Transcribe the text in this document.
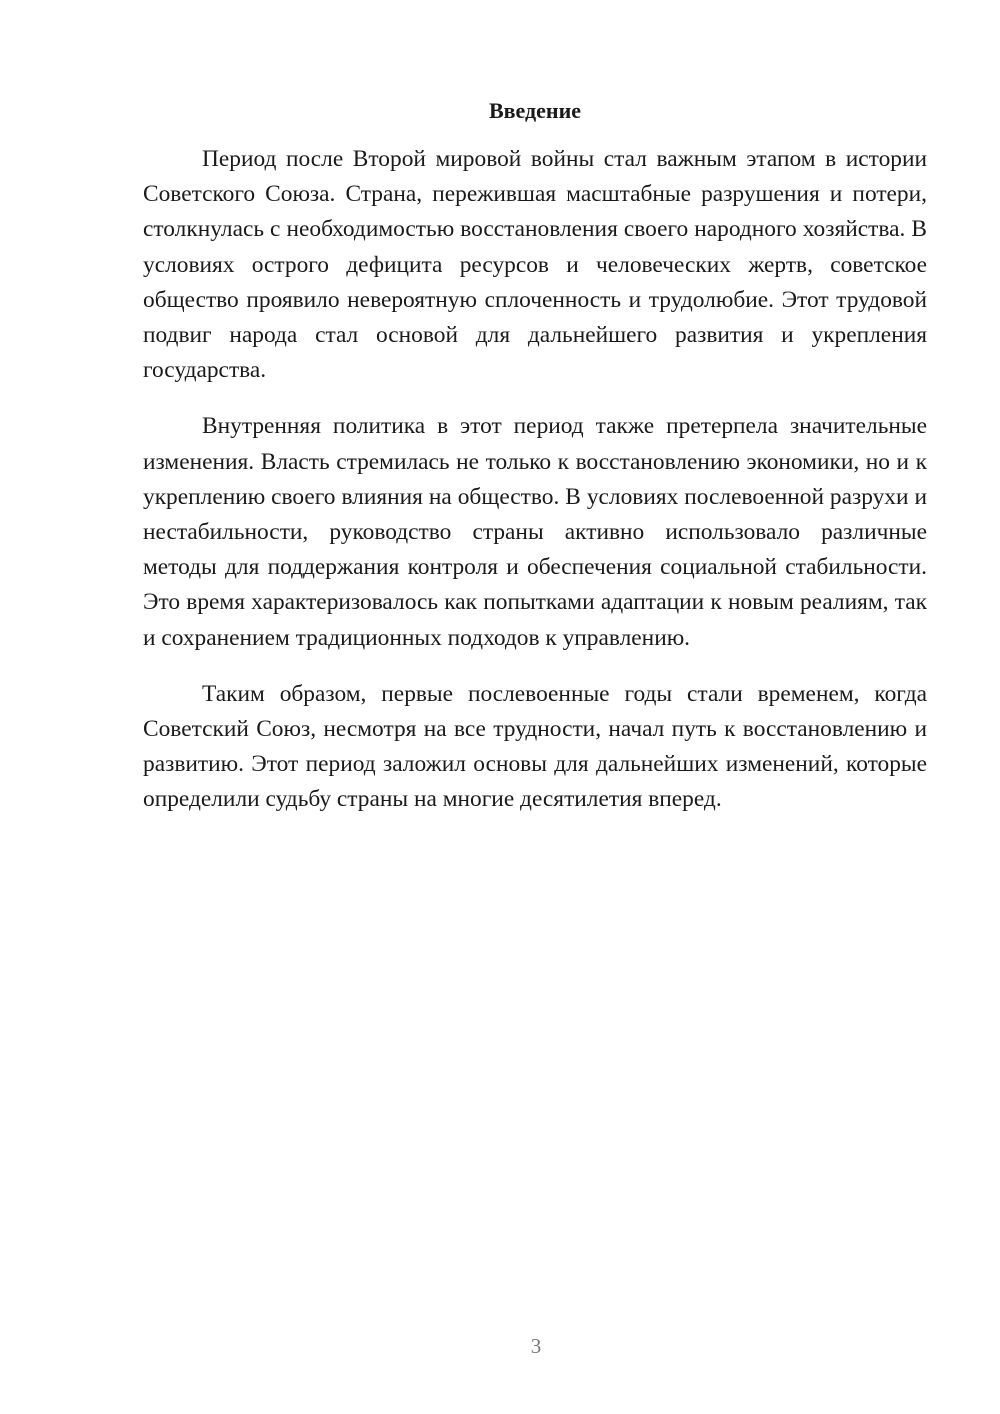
Введение

Период после Второй мировой войны стал важным этапом в истории Советского Союза. Страна, пережившая масштабные разрушения и потери, столкнулась с необходимостью восстановления своего народного хозяйства. В условиях острого дефицита ресурсов и человеческих жертв, советское общество проявило невероятную сплоченность и трудолюбие. Этот трудовой подвиг народа стал основой для дальнейшего развития и укрепления государства.

Внутренняя политика в этот период также претерпела значительные изменения. Власть стремилась не только к восстановлению экономики, но и к укреплению своего влияния на общество. В условиях послевоенной разрухи и нестабильности, руководство страны активно использовало различные методы для поддержания контроля и обеспечения социальной стабильности. Это время характеризовалось как попытками адаптации к новым реалиям, так и сохранением традиционных подходов к управлению.

Таким образом, первые послевоенные годы стали временем, когда Советский Союз, несмотря на все трудности, начал путь к восстановлению и развитию. Этот период заложил основы для дальнейших изменений, которые определили судьбу страны на многие десятилетия вперед.

3
